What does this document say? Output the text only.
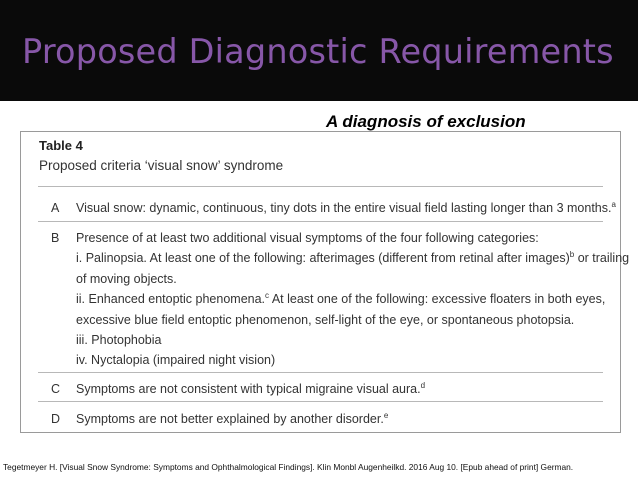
Proposed Diagnostic Requirements
A diagnosis of exclusion
Table 4
Proposed criteria ‘visual snow’ syndrome
A Visual snow: dynamic, continuous, tiny dots in the entire visual field lasting longer than 3 months.$^a$
B Presence of at least two additional visual symptoms of the four following categories:
i. Palinopsia. At least one of the following: afterimages (different from retinal after images)$^b$ or trailing
of moving objects.
ii. Enhanced entoptic phenomena.$^c$ At least one of the following: excessive floaters in both eyes,
excessive blue field entoptic phenomenon, self-light of the eye, or spontaneous photopsia.
iii. Photophobia
iv. Nyctalopia (impaired night vision)
C Symptoms are not consistent with typical migraine visual aura.$^d$
D Symptoms are not better explained by another disorder.$^e$
Tegetmeyer H. [Visual Snow Syndrome: Symptoms and Ophthalmological Findings]. Klin Monbl Augenheilkd. 2016 Aug 10. [Epub ahead of print] German.
